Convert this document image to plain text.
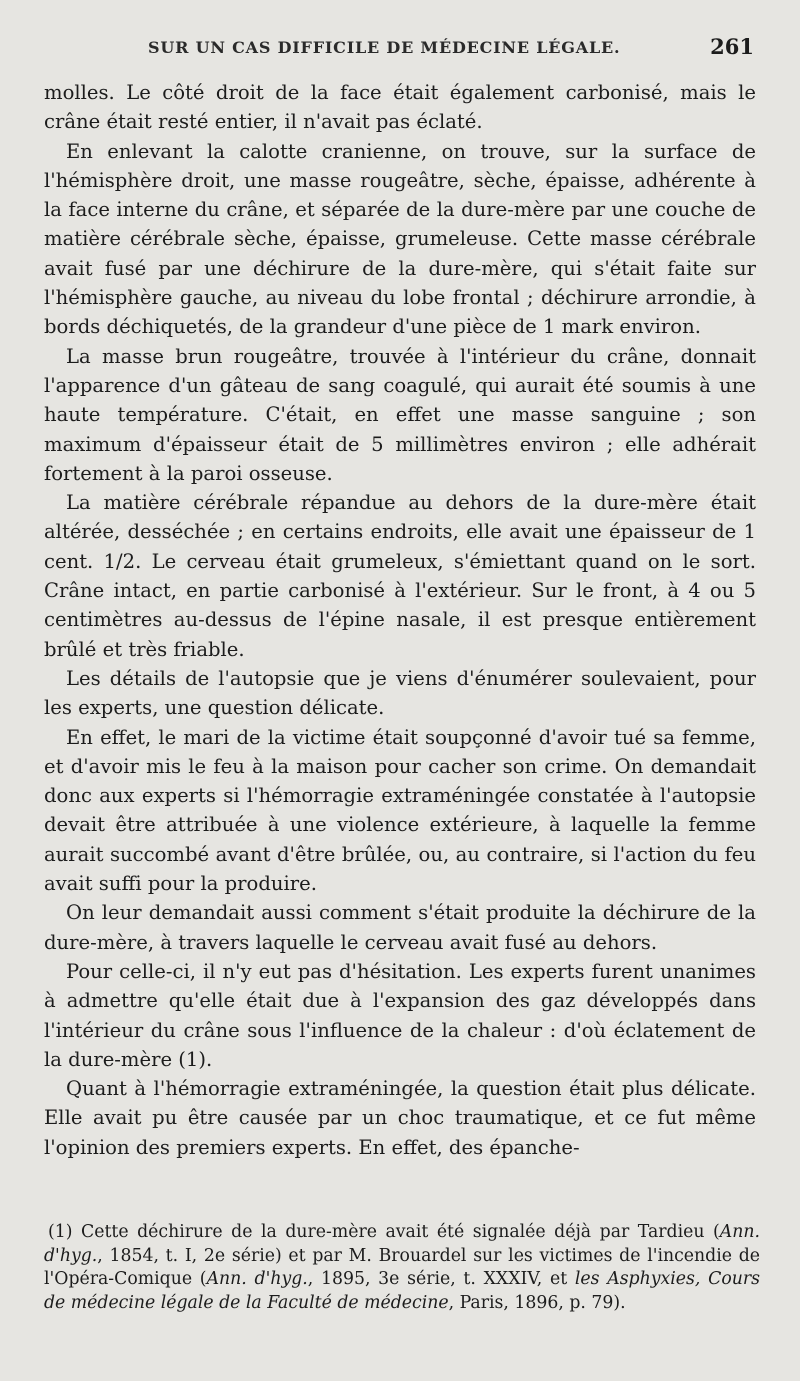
SUR UN CAS DIFFICILE DE MÉDECINE LÉGALE.	261

molles. Le côté droit de la face était également carbonisé, mais le crâne était resté entier, il n'avait pas éclaté.

En enlevant la calotte cranienne, on trouve, sur la surface de l'hémisphère droit, une masse rougeâtre, sèche, épaisse, adhérente à la face interne du crâne, et séparée de la dure-mère par une couche de matière cérébrale sèche, épaisse, grumeleuse. Cette masse cérébrale avait fusé par une déchirure de la dure-mère, qui s'était faite sur l'hémisphère gauche, au niveau du lobe frontal ; déchirure arrondie, à bords déchiquetés, de la grandeur d'une pièce de 1 mark environ.

La masse brun rougeâtre, trouvée à l'intérieur du crâne, donnait l'apparence d'un gâteau de sang coagulé, qui aurait été soumis à une haute température. C'était, en effet une masse sanguine ; son maximum d'épaisseur était de 5 millimètres environ ; elle adhérait fortement à la paroi osseuse.

La matière cérébrale répandue au dehors de la dure-mère était altérée, desséchée ; en certains endroits, elle avait une épaisseur de 1 cent. 1/2. Le cerveau était grumeleux, s'émiettant quand on le sort. Crâne intact, en partie carbonisé à l'extérieur. Sur le front, à 4 ou 5 centimètres au-dessus de l'épine nasale, il est presque entièrement brûlé et très friable.

Les détails de l'autopsie que je viens d'énumérer soulevaient, pour les experts, une question délicate.

En effet, le mari de la victime était soupçonné d'avoir tué sa femme, et d'avoir mis le feu à la maison pour cacher son crime. On demandait donc aux experts si l'hémorragie extraméningée constatée à l'autopsie devait être attribuée à une violence extérieure, à laquelle la femme aurait succombé avant d'être brûlée, ou, au contraire, si l'action du feu avait suffi pour la produire.

On leur demandait aussi comment s'était produite la déchirure de la dure-mère, à travers laquelle le cerveau avait fusé au dehors.

Pour celle-ci, il n'y eut pas d'hésitation. Les experts furent unanimes à admettre qu'elle était due à l'expansion des gaz développés dans l'intérieur du crâne sous l'influence de la chaleur : d'où éclatement de la dure-mère (1).

Quant à l'hémorragie extraméningée, la question était plus délicate. Elle avait pu être causée par un choc traumatique, et ce fut même l'opinion des premiers experts. En effet, des épanche-

(1) Cette déchirure de la dure-mère avait été signalée déjà par Tardieu (Ann. d'hyg., 1854, t. I, 2e série) et par M. Brouardel sur les victimes de l'incendie de l'Opéra-Comique (Ann. d'hyg., 1895, 3e série, t. XXXIV, et les Asphyxies, Cours de médecine légale de la Faculté de médecine, Paris, 1896, p. 79).
